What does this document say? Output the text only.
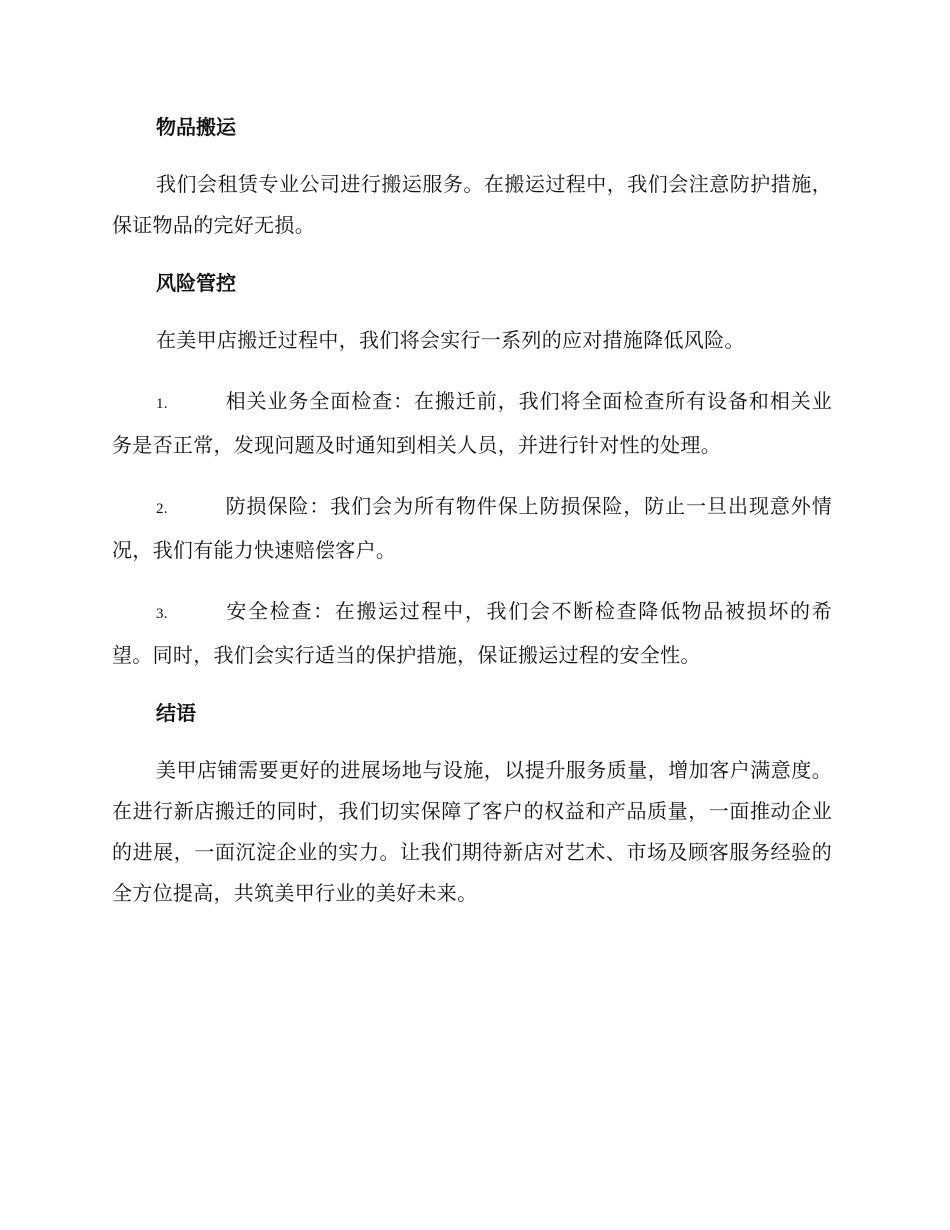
物品搬运

我们会租赁专业公司进行搬运服务。在搬运过程中，我们会注意防护措施，保证物品的完好无损。

风险管控

在美甲店搬迁过程中，我们将会实行一系列的应对措施降低风险。

1.	相关业务全面检查：在搬迁前，我们将全面检查所有设备和相关业务是否正常，发现问题及时通知到相关人员，并进行针对性的处理。

2.	防损保险：我们会为所有物件保上防损保险，防止一旦出现意外情况，我们有能力快速赔偿客户。

3.	安全检查：在搬运过程中，我们会不断检查降低物品被损坏的希望。同时，我们会实行适当的保护措施，保证搬运过程的安全性。

结语

美甲店铺需要更好的进展场地与设施，以提升服务质量，增加客户满意度。在进行新店搬迁的同时，我们切实保障了客户的权益和产品质量，一面推动企业的进展，一面沉淀企业的实力。让我们期待新店对艺术、市场及顾客服务经验的全方位提高，共筑美甲行业的美好未来。
